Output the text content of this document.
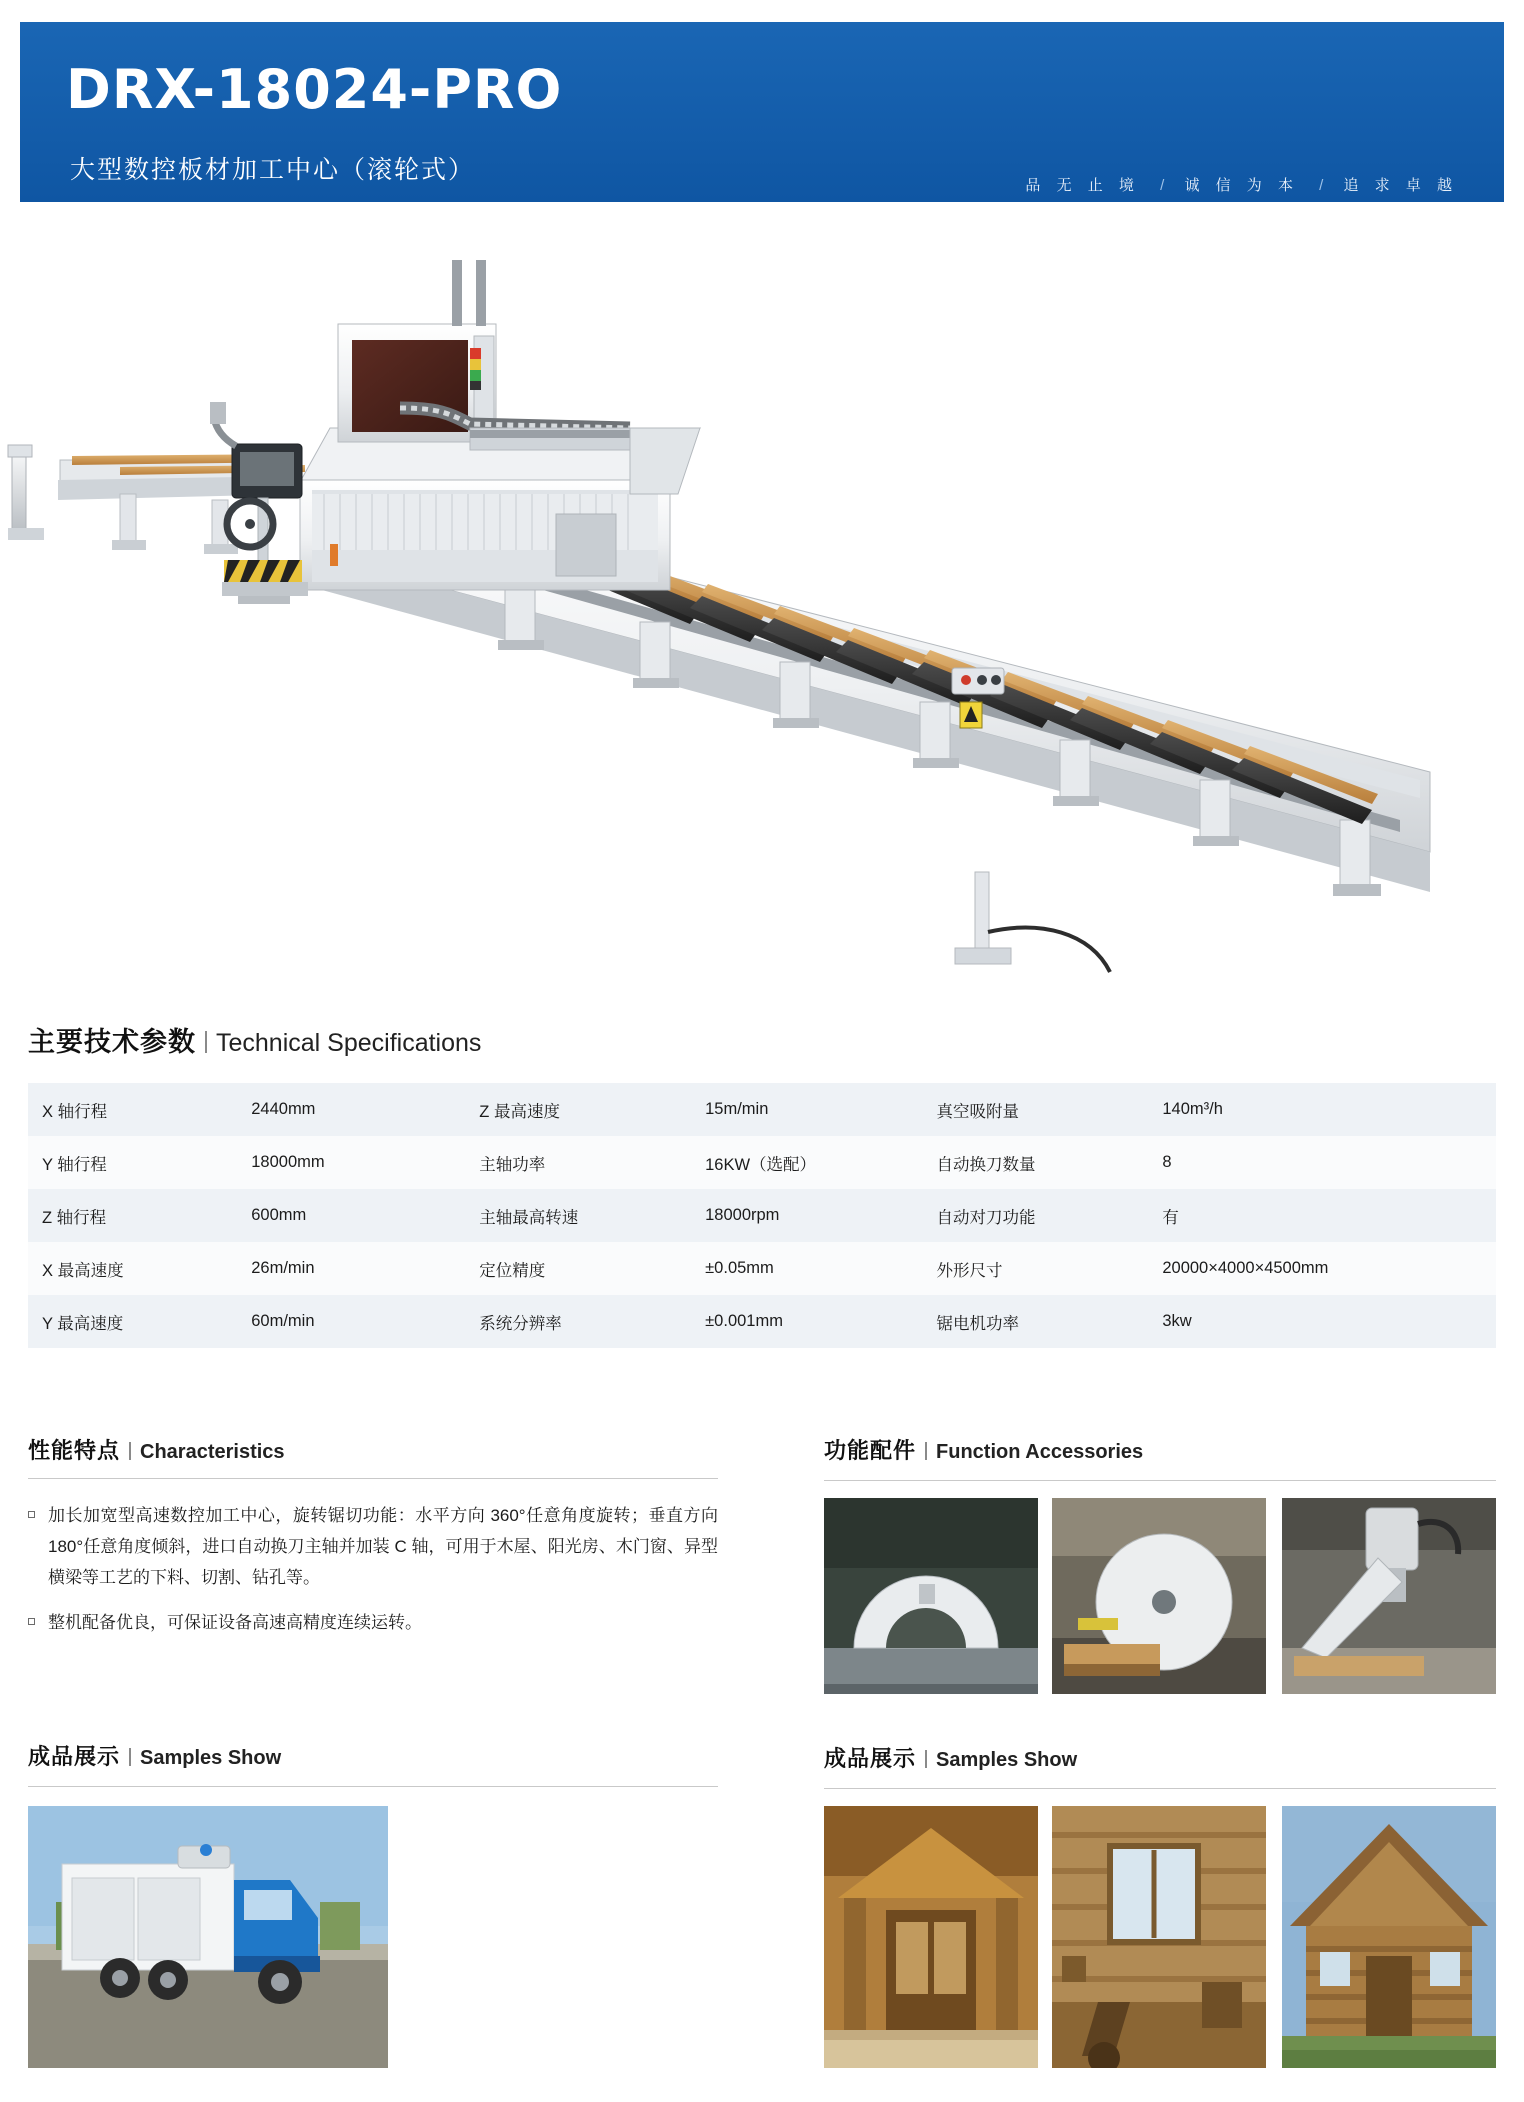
DRX-18024-PRO
大型数控板材加工中心（滚轮式）
品 无 止 境 / 诚 信 为 本 / 追 求 卓 越
主要技术参数 Technical Specifications
X 轴行程	2440mm	Z 最高速度	15m/min	真空吸附量	140m³/h
Y 轴行程	18000mm	主轴功率	16KW（选配）	自动换刀数量	8
Z 轴行程	600mm	主轴最高转速	18000rpm	自动对刀功能	有
X 最高速度	26m/min	定位精度	±0.05mm	外形尺寸	20000×4000×4500mm
Y 最高速度	60m/min	系统分辨率	±0.001mm	锯电机功率	3kw
性能特点 Characteristics
加长加宽型高速数控加工中心，旋转锯切功能：水平方向 360°任意角度旋转；垂直方向 180°任意角度倾斜，进口自动换刀主轴并加装 C 轴，可用于木屋、阳光房、木门窗、异型横梁等工艺的下料、切割、钻孔等。
整机配备优良，可保证设备高速高精度连续运转。
功能配件 Function Accessories
成品展示 Samples Show	成品展示 Samples Show
